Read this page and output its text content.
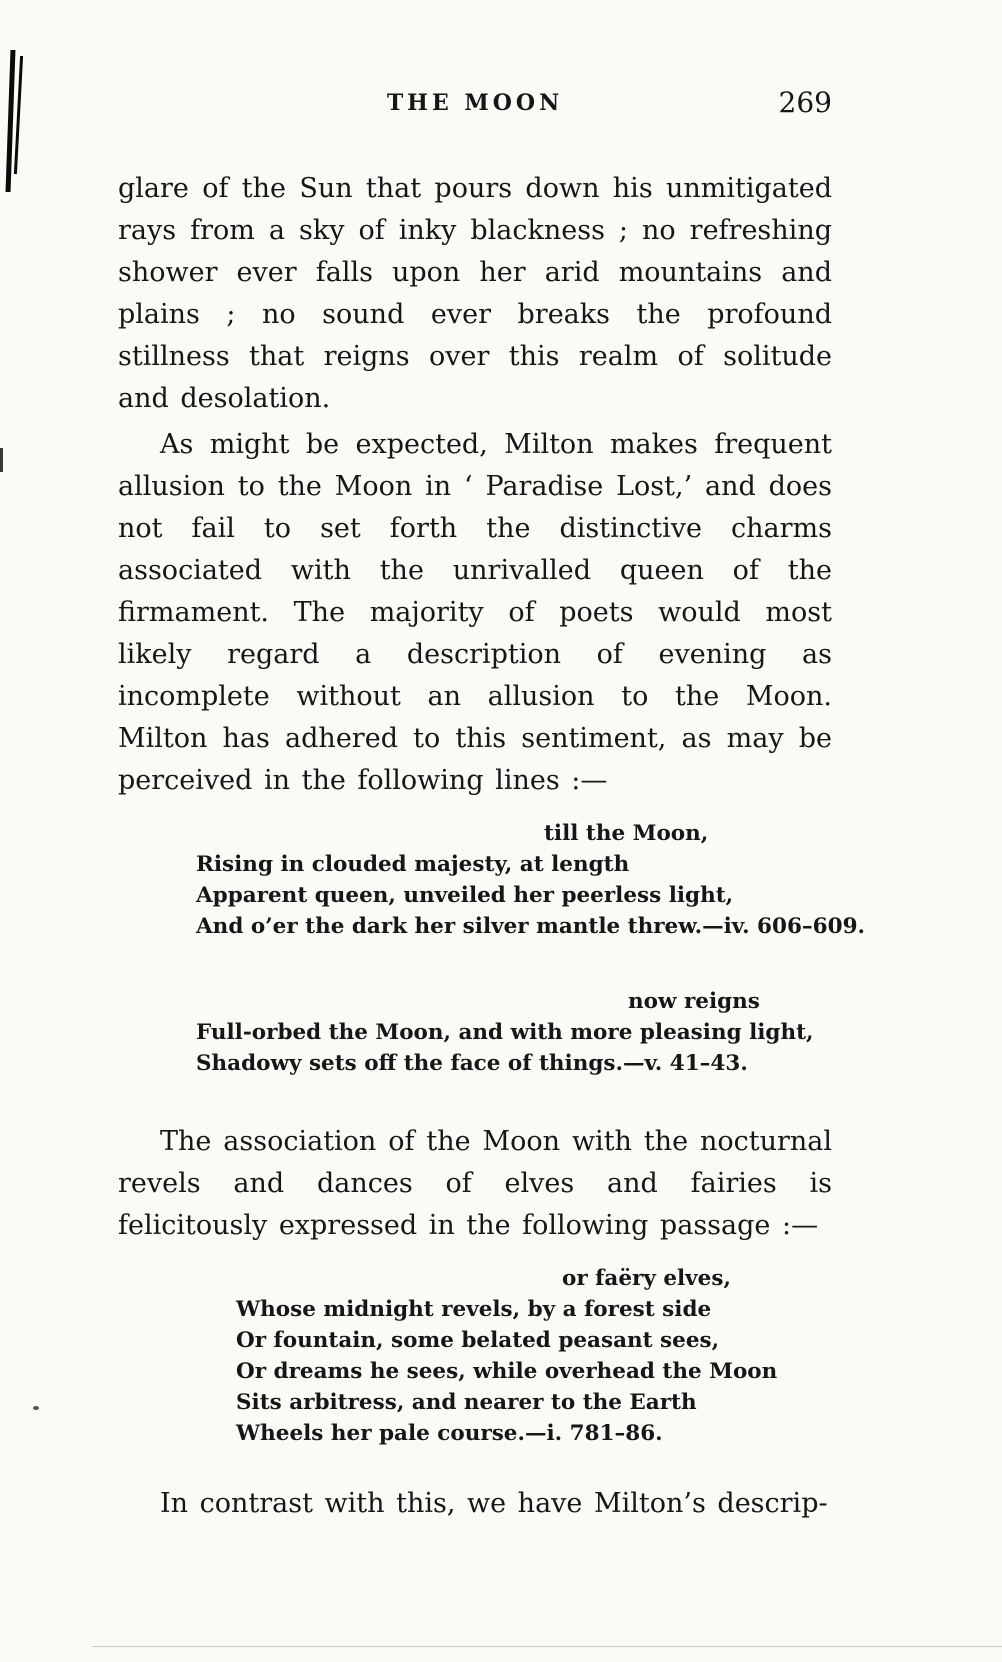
THE MOON	269

glare of the Sun that pours down his unmitigated rays from a sky of inky blackness ; no refreshing shower ever falls upon her arid mountains and plains ; no sound ever breaks the profound stillness that reigns over this realm of solitude and desolation.

As might be expected, Milton makes frequent allusion to the Moon in ‘ Paradise Lost,’ and does not fail to set forth the distinctive charms associated with the unrivalled queen of the firmament. The majority of poets would most likely regard a description of evening as incomplete without an allusion to the Moon. Milton has adhered to this sentiment, as may be perceived in the following lines :—

till the Moon,
Rising in clouded majesty, at length
Apparent queen, unveiled her peerless light,
And o’er the dark her silver mantle threw.—iv. 606–609.
now reigns
Full-orbed the Moon, and with more pleasing light,
Shadowy sets off the face of things.—v. 41–43.

The association of the Moon with the nocturnal revels and dances of elves and fairies is felicitously expressed in the following passage :—

or faëry elves,
Whose midnight revels, by a forest side
Or fountain, some belated peasant sees,
Or dreams he sees, while overhead the Moon
Sits arbitress, and nearer to the Earth
Wheels her pale course.—i. 781–86.

In contrast with this, we have Milton’s descrip-
